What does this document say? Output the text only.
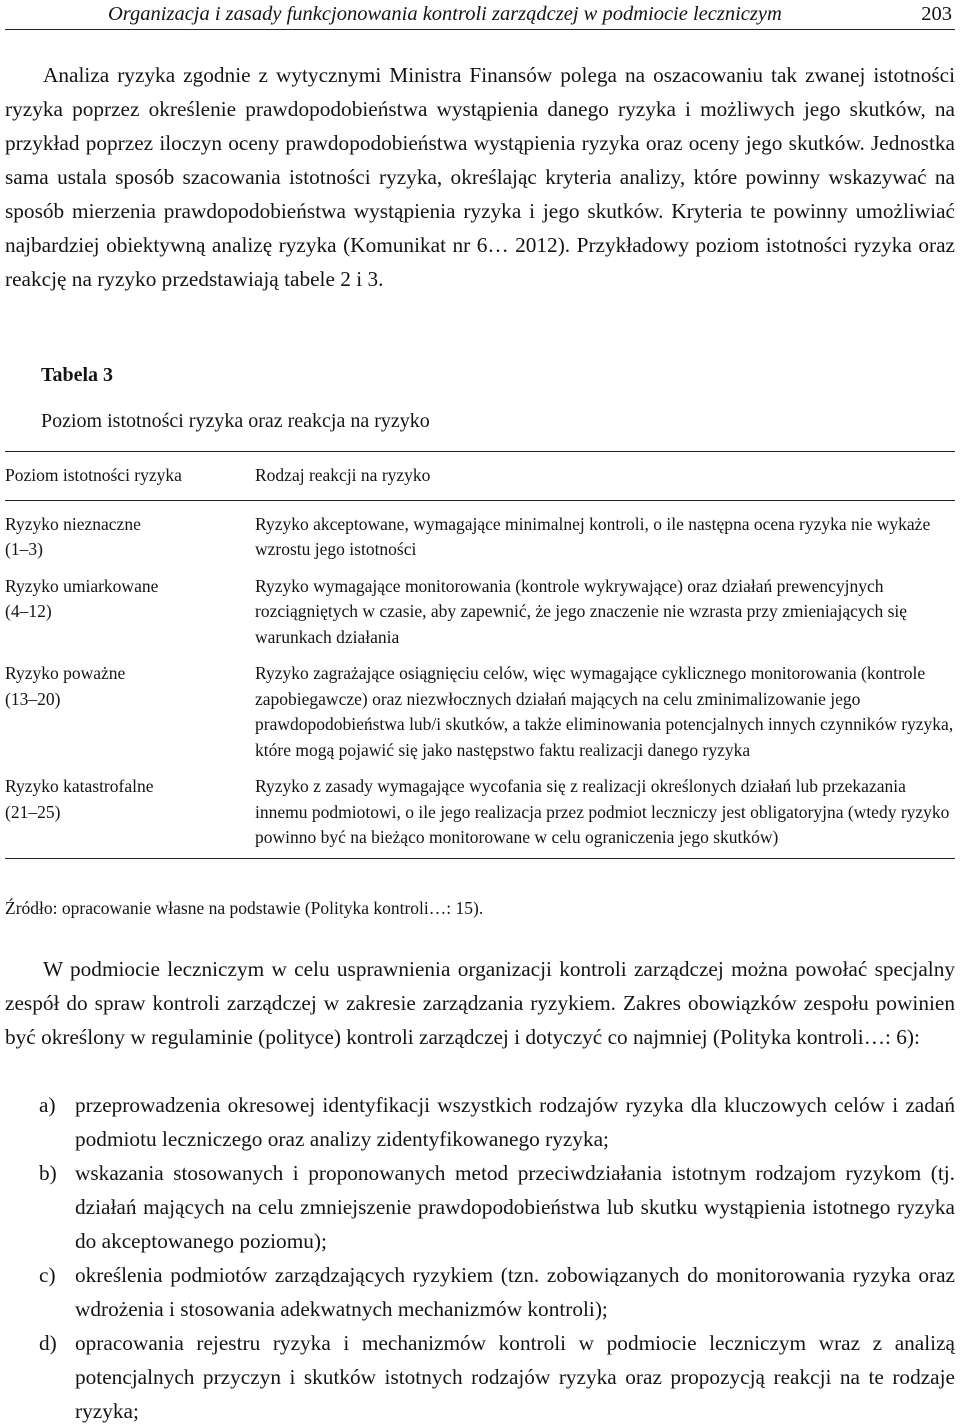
Organizacja i zasady funkcjonowania kontroli zarządczej w podmiocie leczniczym	203

Analiza ryzyka zgodnie z wytycznymi Ministra Finansów polega na oszacowaniu tak zwanej istotności ryzyka poprzez określenie prawdopodobieństwa wystąpienia danego ryzyka i możliwych jego skutków, na przykład poprzez iloczyn oceny prawdopodobieństwa wystąpienia ryzyka oraz oceny jego skutków. Jednostka sama ustala sposób szacowania istotności ryzyka, określając kryteria analizy, które powinny wskazywać na sposób mierzenia prawdopodobieństwa wystąpienia ryzyka i jego skutków. Kryteria te powinny umożliwiać najbardziej obiektywną analizę ryzyka (Komunikat nr 6… 2012). Przykładowy poziom istotności ryzyka oraz reakcję na ryzyko przedstawiają tabele 2 i 3.

Tabela 3
Poziom istotności ryzyka oraz reakcja na ryzyko
Poziom istotności ryzyka	Rodzaj reakcji na ryzyko

Ryzyko nieznaczne
(1–3)	Ryzyko akceptowane, wymagające minimalnej kontroli, o ile następna ocena ryzyka nie wykaże wzrostu jego istotności

Ryzyko umiarkowane
(4–12)	Ryzyko wymagające monitorowania (kontrole wykrywające) oraz działań prewencyjnych rozciągniętych w czasie, aby zapewnić, że jego znaczenie nie wzrasta przy zmieniających się warunkach działania

Ryzyko poważne
(13–20)	Ryzyko zagrażające osiągnięciu celów, więc wymagające cyklicznego monitorowania (kontrole zapobiegawcze) oraz niezwłocznych działań mających na celu zminimalizowanie jego prawdopodobieństwa lub/i skutków, a także eliminowania potencjalnych innych czynników ryzyka, które mogą pojawić się jako następstwo faktu realizacji danego ryzyka

Ryzyko katastrofalne
(21–25)	Ryzyko z zasady wymagające wycofania się z realizacji określonych działań lub przekazania innemu podmiotowi, o ile jego realizacja przez podmiot leczniczy jest obligatoryjna (wtedy ryzyko powinno być na bieżąco monitorowane w celu ograniczenia jego skutków)
Źródło: opracowanie własne na podstawie (Polityka kontroli…: 15).

W podmiocie leczniczym w celu usprawnienia organizacji kontroli zarządczej można powołać specjalny zespół do spraw kontroli zarządczej w zakresie zarządzania ryzykiem. Zakres obowiązków zespołu powinien być określony w regulaminie (polityce) kontroli zarządczej i dotyczyć co najmniej (Polityka kontroli…: 6):

a) przeprowadzenia okresowej identyfikacji wszystkich rodzajów ryzyka dla kluczowych celów i zadań podmiotu leczniczego oraz analizy zidentyfikowanego ryzyka;
b) wskazania stosowanych i proponowanych metod przeciwdziałania istotnym rodzajom ryzykom (tj. działań mających na celu zmniejszenie prawdopodobieństwa lub skutku wystąpienia istotnego ryzyka do akceptowanego poziomu);
c) określenia podmiotów zarządzających ryzykiem (tzn. zobowiązanych do monitorowania ryzyka oraz wdrożenia i stosowania adekwatnych mechanizmów kontroli);
d) opracowania rejestru ryzyka i mechanizmów kontroli w podmiocie leczniczym wraz z analizą potencjalnych przyczyn i skutków istotnych rodzajów ryzyka oraz propozycją reakcji na te rodzaje ryzyka;
